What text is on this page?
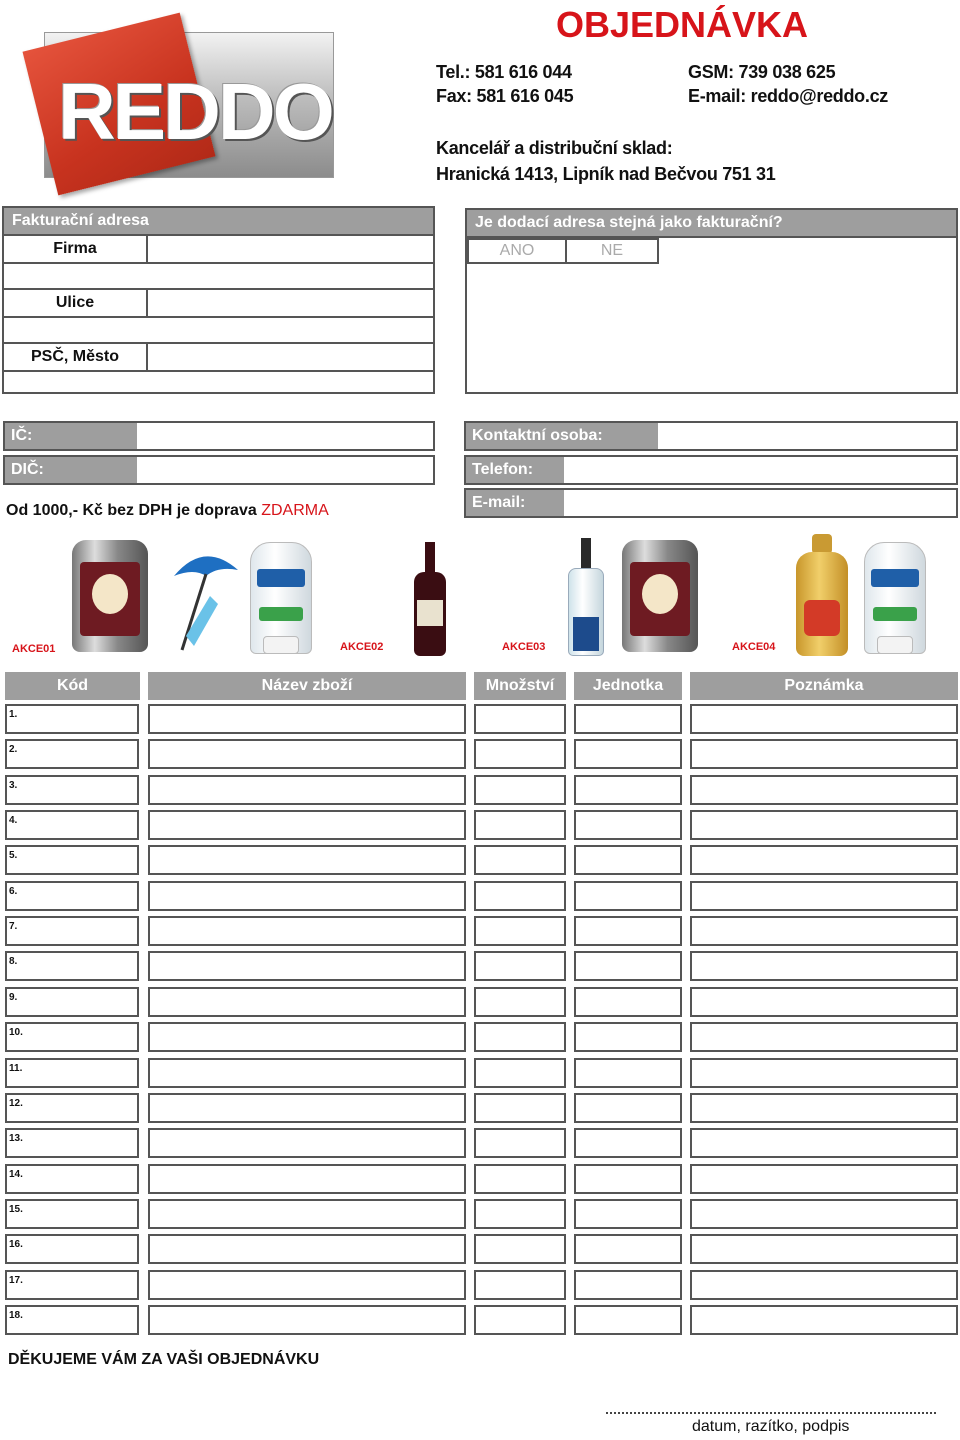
REDDO
OBJEDNÁVKA
Tel.: 581 616 044
Fax: 581 616 045
GSM: 739 038 625
E-mail: reddo@reddo.cz
Kancelář a distribuční sklad:
Hranická 1413, Lipník nad Bečvou 751 31
Fakturační adresa
Firma
Ulice
PSČ, Město
Je dodací adresa stejná jako fakturační?
ANO	NE
IČ:
DIČ:
Kontaktní osoba:
Telefon:
E-mail:
Od 1000,- Kč bez DPH je doprava ZDARMA
AKCE01	AKCE02	AKCE03	AKCE04
Kód	Název zboží	Množství	Jednotka	Poznámka
1.
2.
3.
4.
5.
6.
7.
8.
9.
10.
11.
12.
13.
14.
15.
16.
17.
18.
DĚKUJEME VÁM ZA VAŠI OBJEDNÁVKU
datum, razítko, podpis
